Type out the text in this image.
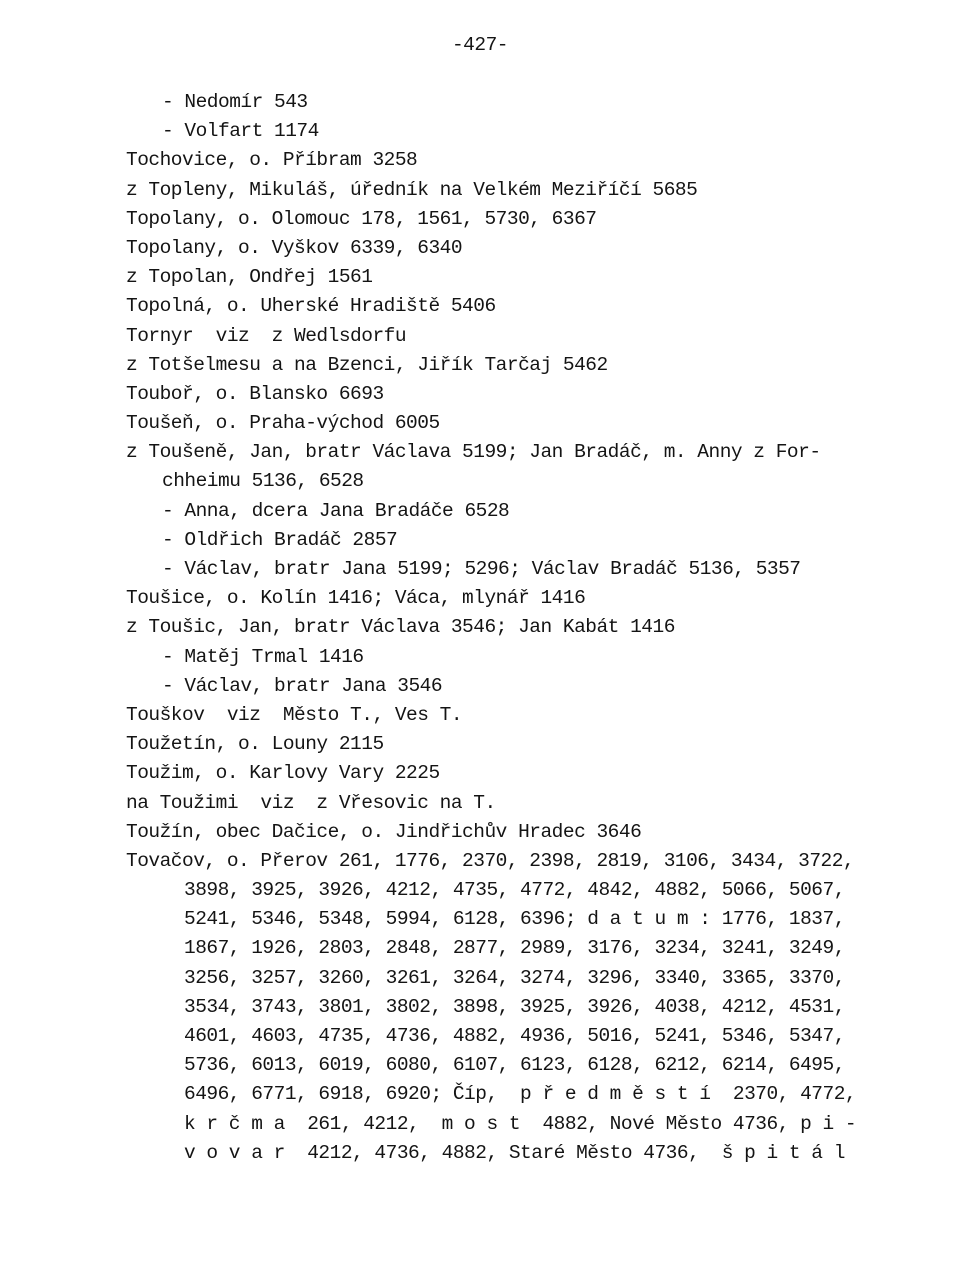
-427-
- Nedomír 543
- Volfart 1174
Tochovice, o. Příbram 3258
z Topleny, Mikuláš, úředník na Velkém Meziříčí 5685
Topolany, o. Olomouc 178, 1561, 5730, 6367
Topolany, o. Vyškov 6339, 6340
z Topolan, Ondřej 1561
Topolná, o. Uherské Hradiště 5406
Tornyr  viz  z Wedlsdorfu
z Totšelmesu a na Bzenci, Jiřík Tarčaj 5462
Touboř, o. Blansko 6693
Toušeň, o. Praha-východ 6005
z Toušeně, Jan, bratr Václava 5199; Jan Bradáč, m. Anny z For-
chheimu 5136, 6528
- Anna, dcera Jana Bradáče 6528
- Oldřich Bradáč 2857
- Václav, bratr Jana 5199; 5296; Václav Bradáč 5136, 5357
Toušice, o. Kolín 1416; Váca, mlynář 1416
z Toušic, Jan, bratr Václava 3546; Jan Kabát 1416
- Matěj Trmal 1416
- Václav, bratr Jana 3546
Touškov  viz  Město T., Ves T.
Toužetín, o. Louny 2115
Toužim, o. Karlovy Vary 2225
na Toužimi  viz  z Vřesovic na T.
Toužín, obec Dačice, o. Jindřichův Hradec 3646
Tovačov, o. Přerov 261, 1776, 2370, 2398, 2819, 3106, 3434, 3722,
3898, 3925, 3926, 4212, 4735, 4772, 4842, 4882, 5066, 5067,
5241, 5346, 5348, 5994, 6128, 6396; d a t u m : 1776, 1837,
1867, 1926, 2803, 2848, 2877, 2989, 3176, 3234, 3241, 3249,
3256, 3257, 3260, 3261, 3264, 3274, 3296, 3340, 3365, 3370,
3534, 3743, 3801, 3802, 3898, 3925, 3926, 4038, 4212, 4531,
4601, 4603, 4735, 4736, 4882, 4936, 5016, 5241, 5346, 5347,
5736, 6013, 6019, 6080, 6107, 6123, 6128, 6212, 6214, 6495,
6496, 6771, 6918, 6920; Číp,  p ř e d m ě s t í  2370, 4772,
k r č m a  261, 4212,  m o s t  4882, Nové Město 4736, p i -
v o v a r  4212, 4736, 4882, Staré Město 4736,  š p i t á l
